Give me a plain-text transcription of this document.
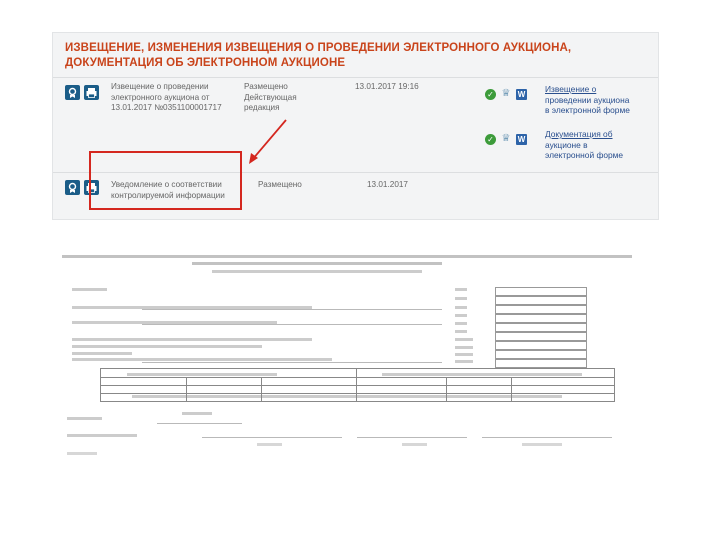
ИЗВЕЩЕНИЕ, ИЗМЕНЕНИЯ ИЗВЕЩЕНИЯ О ПРОВЕДЕНИИ ЭЛЕКТРОННОГО АУКЦИОНА, ДОКУМЕНТАЦИЯ ОБ ЭЛЕКТРОННОМ АУКЦИОНЕ
Извещение о проведении
электронного аукциона от
13.01.2017 №0351100001717
Размещено
Действующая редакция
13.01.2017 19:16
✓ ♕ W
Извещение о
проведении аукциона
в электронной форме
✓ ♕ W
Документация об
аукционе в
электронной форме
Уведомление о соответствии
контролируемой информации
Размещено	13.01.2017
